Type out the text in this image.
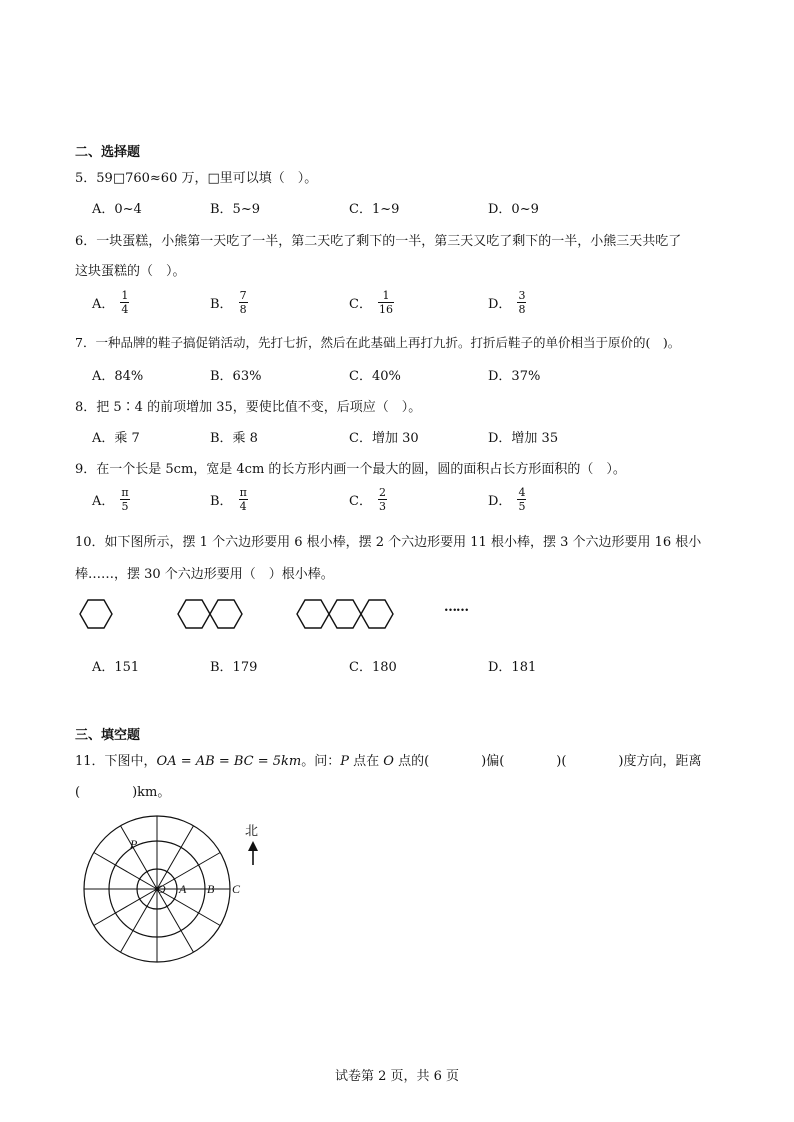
二、选择题
5．59□760≈60 万，□里可以填（　）。
A．0~4	B．5~9	C．1~9	D．0~9
6．一块蛋糕，小熊第一天吃了一半，第二天吃了剩下的一半，第三天又吃了剩下的一半，小熊三天共吃了
这块蛋糕的（　）。
A． $\frac{1}{4}$	B． $\frac{7}{8}$	C． $\frac{1}{16}$	D． $\frac{3}{8}$
7．一种品牌的鞋子搞促销活动，先打七折，然后在此基础上再打九折。打折后鞋子的单价相当于原价的(　)。
A．84%	B．63%	C．40%	D．37%
8．把 5∶4 的前项增加 35，要使比值不变，后项应（　）。
A．乘 7	B．乘 8	C．增加 30	D．增加 35
9．在一个长是 5cm，宽是 4cm 的长方形内画一个最大的圆，圆的面积占长方形面积的（　）。
A． $\frac{\pi}{5}$	B． $\frac{\pi}{4}$	C． $\frac{2}{3}$	D． $\frac{4}{5}$
10．如下图所示，摆 1 个六边形要用 6 根小棒，摆 2 个六边形要用 11 根小棒，摆 3 个六边形要用 16 根小
棒……，摆 30 个六边形要用（　）根小棒。
……
A．151	B．179	C．180	D．181
三、填空题
11．下图中，OA = AB = BC = 5km。问：P 点在 O 点的(　　　　)偏(　　　　)(　　　　)度方向，距离
(　　　　)km。
P
O A B C
北
试卷第 2 页，共 6 页
